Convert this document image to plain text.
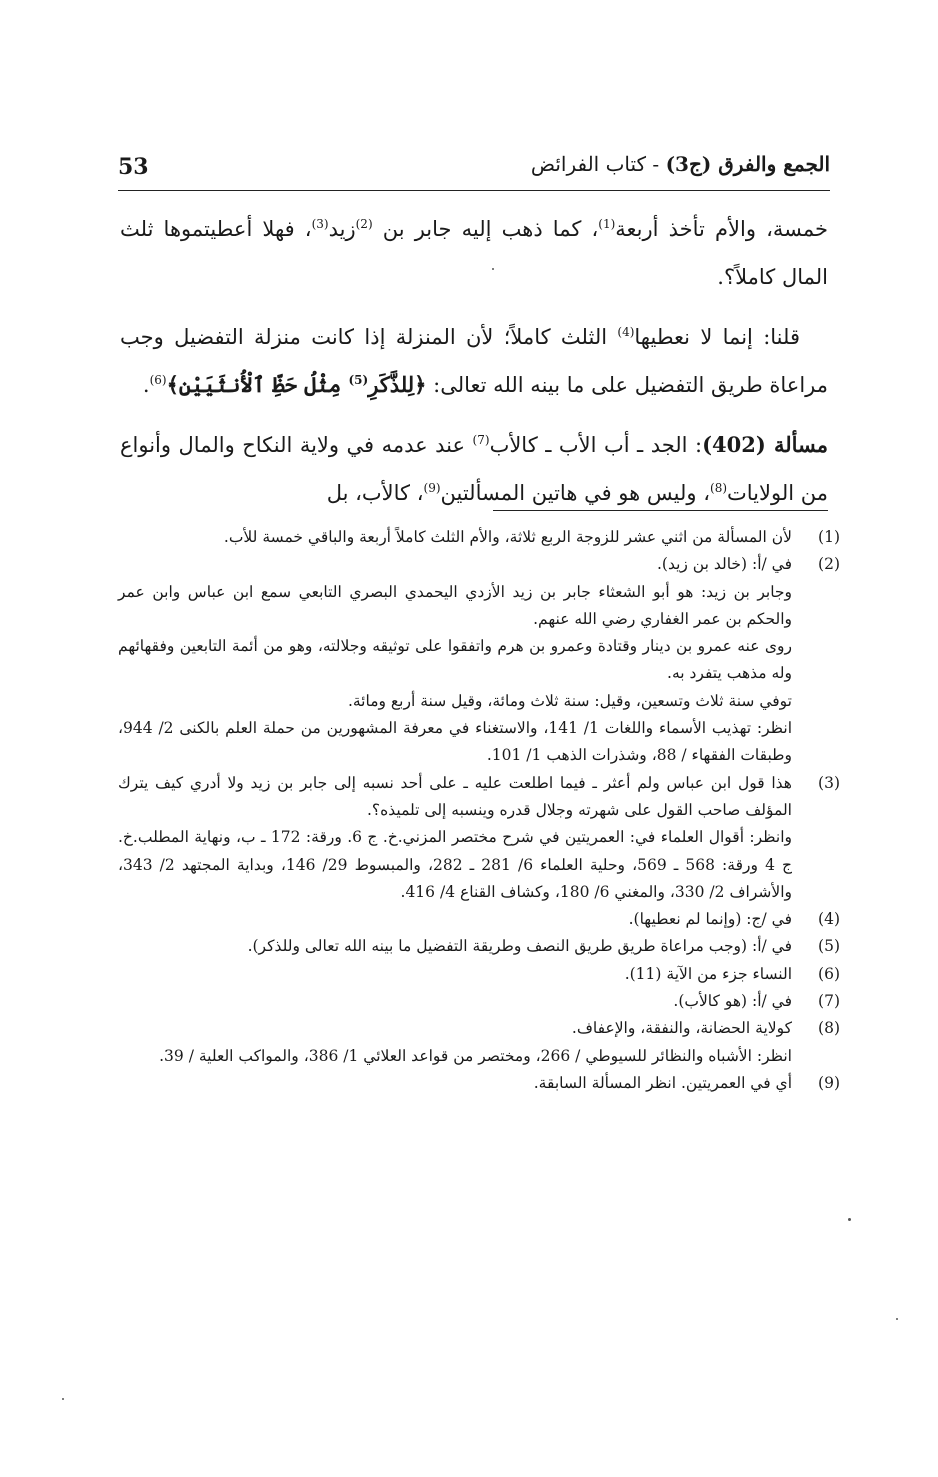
53	الجمع والفرق (ج3) - كتاب الفرائض

خمسة، والأم تأخذ أربعة$^{(1)}$، كما ذهب إليه جابر بن $^{(2)}$زيد$^{(3)}$، فهلا أعطيتموها ثلث المال كاملاً؟.

قلنا: إنما لا نعطيها$^{(4)}$ الثلث كاملاً؛ لأن المنزلة إذا كانت منزلة التفضيل وجب مراعاة طريق التفضيل على ما بينه الله تعالى: ﴿لِلذَّكَرِ$^{(5)}$ مِثْلُ حَظِّ ٱلْأُنثَيَيْنِ﴾$^{(6)}$.

مسألة (402): الجد ـ أب الأب ـ كالأب$^{(7)}$ عند عدمه في ولاية النكاح والمال وأنواع من الولايات$^{(8)}$، وليس هو في هاتين المسألتين$^{(9)}$، كالأب، بل

(1)
لأن المسألة من اثني عشر للزوجة الربع ثلاثة، والأم الثلث كاملاً أربعة والباقي خمسة للأب.
(2)
في /أ: (خالد بن زيد).
وجابر بن زيد: هو أبو الشعثاء جابر بن زيد الأزدي اليحمدي البصري التابعي سمع ابن عباس وابن عمر والحكم بن عمر الغفاري رضي الله عنهم.
روى عنه عمرو بن دينار وقتادة وعمرو بن هرم واتفقوا على توثيقه وجلالته، وهو من أئمة التابعين وفقهائهم وله مذهب يتفرد به.
توفي سنة ثلاث وتسعين، وقيل: سنة ثلاث ومائة، وقيل سنة أربع ومائة.
انظر: تهذيب الأسماء واللغات 1/ 141، والاستغناء في معرفة المشهورين من حملة العلم بالكنى 2/ 944، وطبقات الفقهاء / 88، وشذرات الذهب 1/ 101.
(3)
هذا قول ابن عباس ولم أعثر ـ فيما اطلعت عليه ـ على أحد نسبه إلى جابر بن زيد ولا أدري كيف يترك المؤلف صاحب القول على شهرته وجلال قدره وينسبه إلى تلميذه؟.
وانظر: أقوال العلماء في: العمريتين في شرح مختصر المزني.خ. ج 6. ورقة: 172 ـ ب، ونهاية المطلب.خ. ج 4 ورقة: 568 ـ 569، وحلية العلماء 6/ 281 ـ 282، والمبسوط 29/ 146، وبداية المجتهد 2/ 343، والأشراف 2/ 330، والمغني 6/ 180، وكشاف القناع 4/ 416.
(4)
في /ج: (وإنما لم نعطيها).
(5)
في /أ: (وجب مراعاة طريق طريق النصف وطريقة التفضيل ما بينه الله تعالى وللذكر).
(6)
النساء جزء من الآية (11).
(7)
في /أ: (هو كالأب).
(8)
كولاية الحضانة، والنفقة، والإعفاف.
انظر: الأشباه والنظائر للسيوطي / 266، ومختصر من قواعد العلائي 1/ 386، والمواكب العلية / 39.
(9)
أي في العمريتين. انظر المسألة السابقة.
